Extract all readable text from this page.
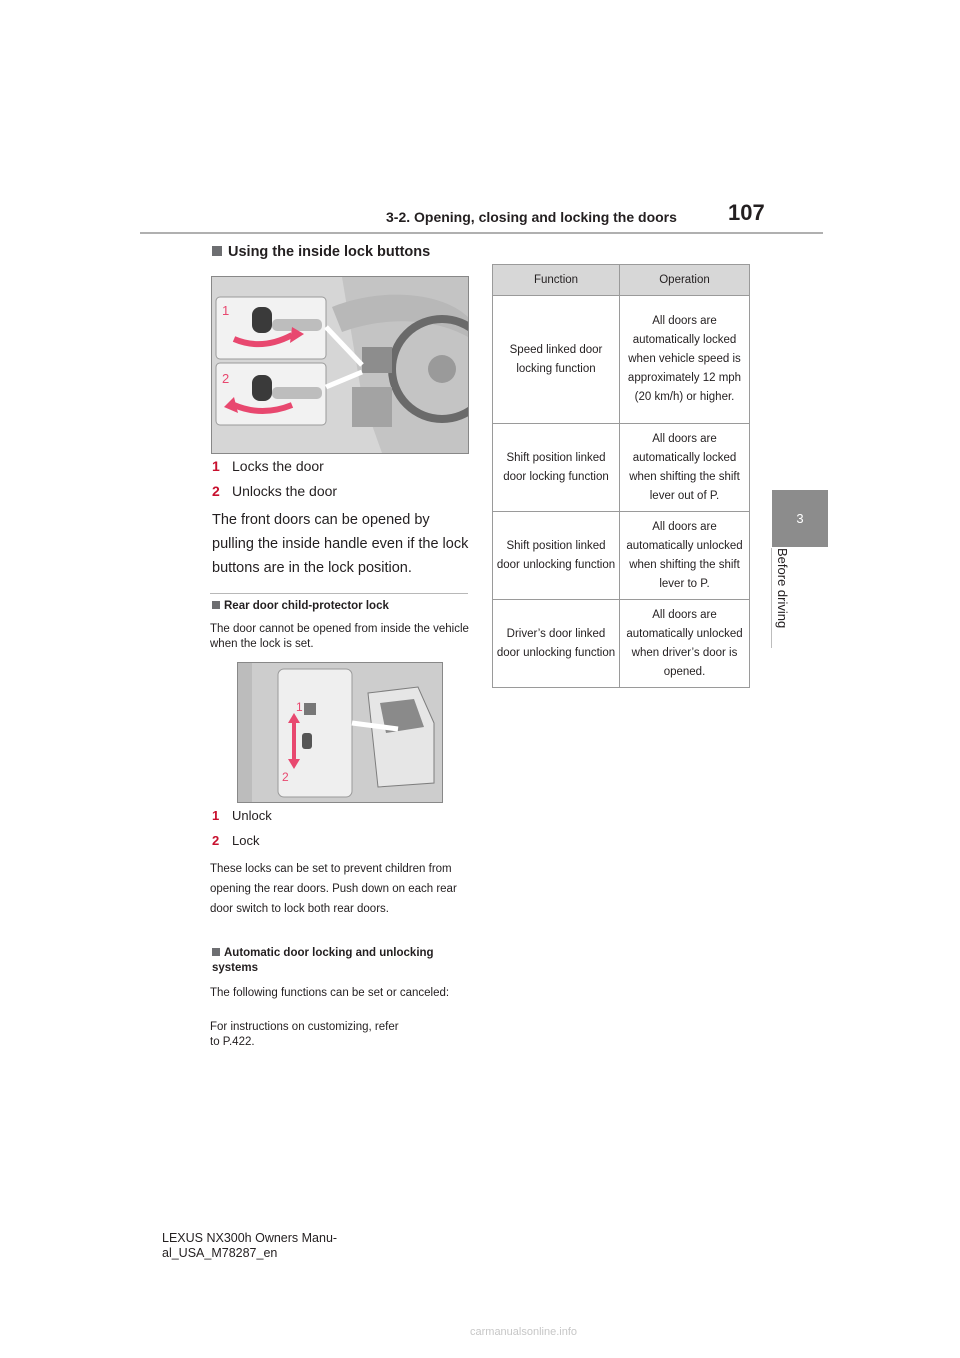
3-2. Opening, closing and locking the doors 107
3
Before driving
Using the inside lock buttons
1
2
1 Locks the door
2 Unlocks the door
The front doors can be opened by pulling the inside handle even if the lock buttons are in the lock position.
Rear door child-protector lock
The door cannot be opened from inside the vehicle when the lock is set.
1
2
1 Unlock
2 Lock
These locks can be set to prevent children from opening the rear doors. Push down on each rear door switch to lock both rear doors.
Automatic door locking and unlocking systems
The following functions can be set or canceled:
For instructions on customizing, refer to P.422.
Function	Operation
Speed linked door locking function	All doors are automatically locked when vehicle speed is approximately 12 mph (20 km/h) or higher.
Shift position linked door locking function	All doors are automatically locked when shifting the shift lever out of P.
Shift position linked door unlocking function	All doors are automatically unlocked when shifting the shift lever to P.
Driver’s door linked door unlocking function	All doors are automatically unlocked when driver’s door is opened.
LEXUS NX300h Owners Manu-
al_USA_M78287_en
carmanualsonline.info
